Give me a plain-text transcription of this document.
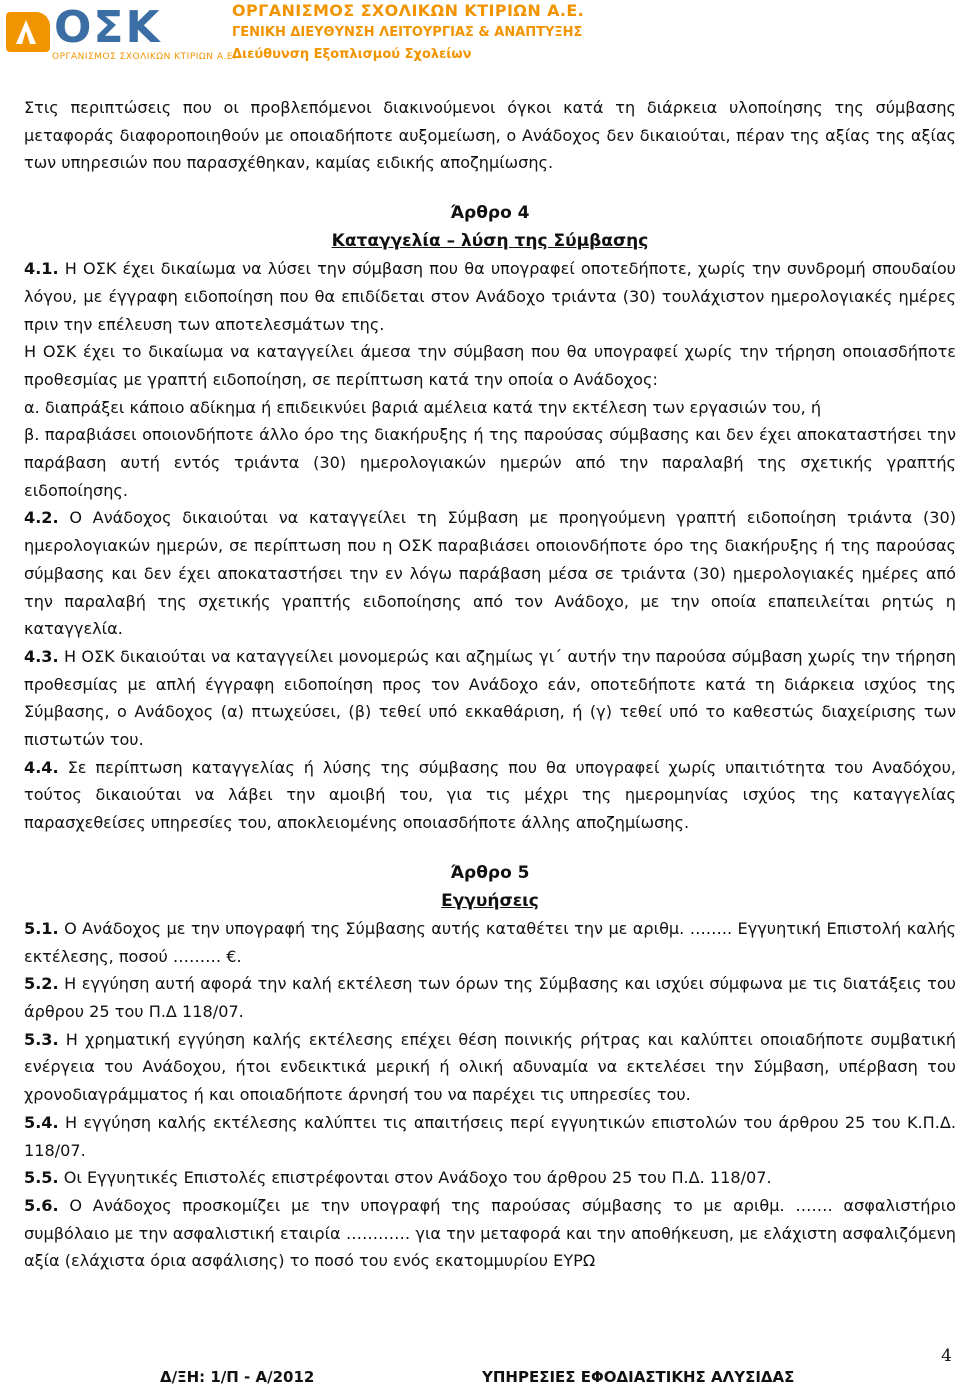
ΟΣΚ
ΟΡΓΑΝΙΣΜΟΣ ΣΧΟΛΙΚΩΝ ΚΤΙΡΙΩΝ Α.Ε.
ΟΡΓΑΝΙΣΜΟΣ ΣΧΟΛΙΚΩΝ ΚΤΙΡΙΩΝ Α.Ε.
ΓΕΝΙΚΗ ΔΙΕΥΘΥΝΣΗ ΛΕΙΤΟΥΡΓΙΑΣ & ΑΝΑΠΤΥΞΗΣ
Διεύθυνση Εξοπλισμού Σχολείων

Στις περιπτώσεις που οι προβλεπόμενοι διακινούμενοι όγκοι κατά τη διάρκεια υλοποίησης της σύμβασης μεταφοράς διαφοροποιηθούν με οποιαδήποτε αυξομείωση, ο Ανάδοχος δεν δικαιούται, πέραν της αξίας της αξίας των υπηρεσιών που παρασχέθηκαν, καμίας ειδικής αποζημίωσης.

Άρθρο 4
Καταγγελία – λύση της Σύμβασης

4.1. Η ΟΣΚ έχει δικαίωμα να λύσει την σύμβαση που θα υπογραφεί οποτεδήποτε, χωρίς την συνδρομή σπουδαίου λόγου, με έγγραφη ειδοποίηση που θα επιδίδεται στον Ανάδοχο τριάντα (30) τουλάχιστον ημερολογιακές ημέρες πριν την επέλευση των αποτελεσμάτων της.

Η ΟΣΚ έχει το δικαίωμα να καταγγείλει άμεσα την σύμβαση που θα υπογραφεί χωρίς την τήρηση οποιασδήποτε προθεσμίας με γραπτή ειδοποίηση, σε περίπτωση κατά την οποία ο Ανάδοχος:

α. διαπράξει κάποιο αδίκημα ή επιδεικνύει βαριά αμέλεια κατά την εκτέλεση των εργασιών του, ή

β. παραβιάσει οποιονδήποτε άλλο όρο της διακήρυξης ή της παρούσας σύμβασης και δεν έχει αποκαταστήσει την παράβαση αυτή εντός τριάντα (30) ημερολογιακών ημερών από την παραλαβή της σχετικής γραπτής ειδοποίησης.

4.2. Ο Ανάδοχος δικαιούται να καταγγείλει τη Σύμβαση με προηγούμενη γραπτή ειδοποίηση τριάντα (30) ημερολογιακών ημερών, σε περίπτωση που η ΟΣΚ παραβιάσει οποιονδήποτε όρο της διακήρυξης ή της παρούσας σύμβασης και δεν έχει αποκαταστήσει την εν λόγω παράβαση μέσα σε τριάντα (30) ημερολογιακές ημέρες από την παραλαβή της σχετικής γραπτής ειδοποίησης από τον Ανάδοχο, με την οποία επαπειλείται ρητώς η καταγγελία.

4.3. Η ΟΣΚ δικαιούται να καταγγείλει μονομερώς και αζημίως γι΄ αυτήν την παρούσα σύμβαση χωρίς την τήρηση προθεσμίας με απλή έγγραφη ειδοποίηση προς τον Ανάδοχο εάν, οποτεδήποτε κατά τη διάρκεια ισχύος της Σύμβασης, ο Ανάδοχος (α) πτωχεύσει, (β) τεθεί υπό εκκαθάριση, ή (γ) τεθεί υπό το καθεστώς διαχείρισης των πιστωτών του.

4.4. Σε περίπτωση καταγγελίας ή λύσης της σύμβασης που θα υπογραφεί χωρίς υπαιτιότητα του Αναδόχου, τούτος δικαιούται να λάβει την αμοιβή του, για τις μέχρι της ημερομηνίας ισχύος της καταγγελίας παρασχεθείσες υπηρεσίες του, αποκλειομένης οποιασδήποτε άλλης αποζημίωσης.

Άρθρο 5
Εγγυήσεις

5.1. Ο Ανάδοχος με την υπογραφή της Σύμβασης αυτής καταθέτει την με αριθμ. …….. Εγγυητική Επιστολή καλής εκτέλεσης, ποσού ……… €.

5.2. Η εγγύηση αυτή αφορά την καλή εκτέλεση των όρων της Σύμβασης και ισχύει σύμφωνα με τις διατάξεις του άρθρου 25 του Π.Δ 118/07.

5.3. Η χρηματική εγγύηση καλής εκτέλεσης επέχει θέση ποινικής ρήτρας και καλύπτει οποιαδήποτε συμβατική ενέργεια του Ανάδοχου, ήτοι ενδεικτικά μερική ή ολική αδυναμία να εκτελέσει την Σύμβαση, υπέρβαση του χρονοδιαγράμματος ή και οποιαδήποτε άρνησή του να παρέχει τις υπηρεσίες του.

5.4. Η εγγύηση καλής εκτέλεσης καλύπτει τις απαιτήσεις περί εγγυητικών επιστολών του άρθρου 25 του Κ.Π.Δ. 118/07.

5.5. Οι Εγγυητικές Επιστολές επιστρέφονται στον Ανάδοχο του άρθρου 25 του Π.Δ. 118/07.

5.6. Ο Ανάδοχος προσκομίζει με την υπογραφή της παρούσας σύμβασης το με αριθμ. ……. ασφαλιστήριο συμβόλαιο με την ασφαλιστική εταιρία ………… για την μεταφορά και την αποθήκευση, με ελάχιστη ασφαλιζόμενη αξία (ελάχιστα όρια ασφάλισης) το ποσό του ενός εκατομμυρίου ΕΥΡΩ

4
Δ/ΞΗ: 1/Π - Α/2012	ΥΠΗΡΕΣΙΕΣ ΕΦΟΔΙΑΣΤΙΚΗΣ ΑΛΥΣΙΔΑΣ
